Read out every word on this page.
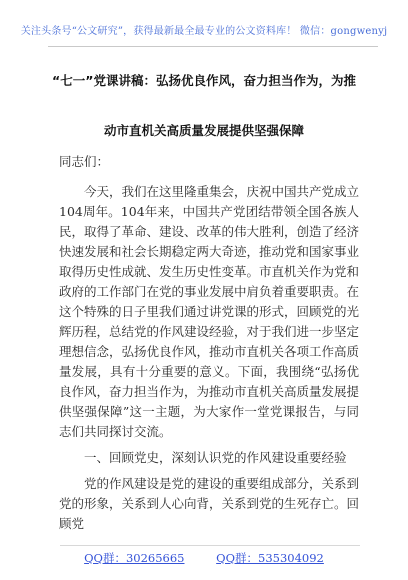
关注头条号“公文研究”，获得最新最全最专业的公文资料库！ 微信：gongwenyj
“七一”党课讲稿：弘扬优良作风，奋力担当作为，为推
动市直机关高质量发展提供坚强保障

同志们：

今天，我们在这里隆重集会，庆祝中国共产党成立104周年。104年来，中国共产党团结带领全国各族人民，取得了革命、建设、改革的伟大胜利，创造了经济快速发展和社会长期稳定两大奇迹，推动党和国家事业取得历史性成就、发生历史性变革。市直机关作为党和政府的工作部门在党的事业发展中肩负着重要职责。在这个特殊的日子里我们通过讲党课的形式，回顾党的光辉历程，总结党的作风建设经验，对于我们进一步坚定理想信念，弘扬优良作风，推动市直机关各项工作高质量发展，具有十分重要的意义。下面，我围绕“弘扬优良作风，奋力担当作为，为推动市直机关高质量发展提供坚强保障”这一主题，为大家作一堂党课报告，与同志们共同探讨交流。

一、回顾党史，深刻认识党的作风建设重要经验

党的作风建设是党的建设的重要组成部分，关系到党的形象，关系到人心向背，关系到党的生死存亡。回顾党

QQ群：30265665	QQ群：535304092
